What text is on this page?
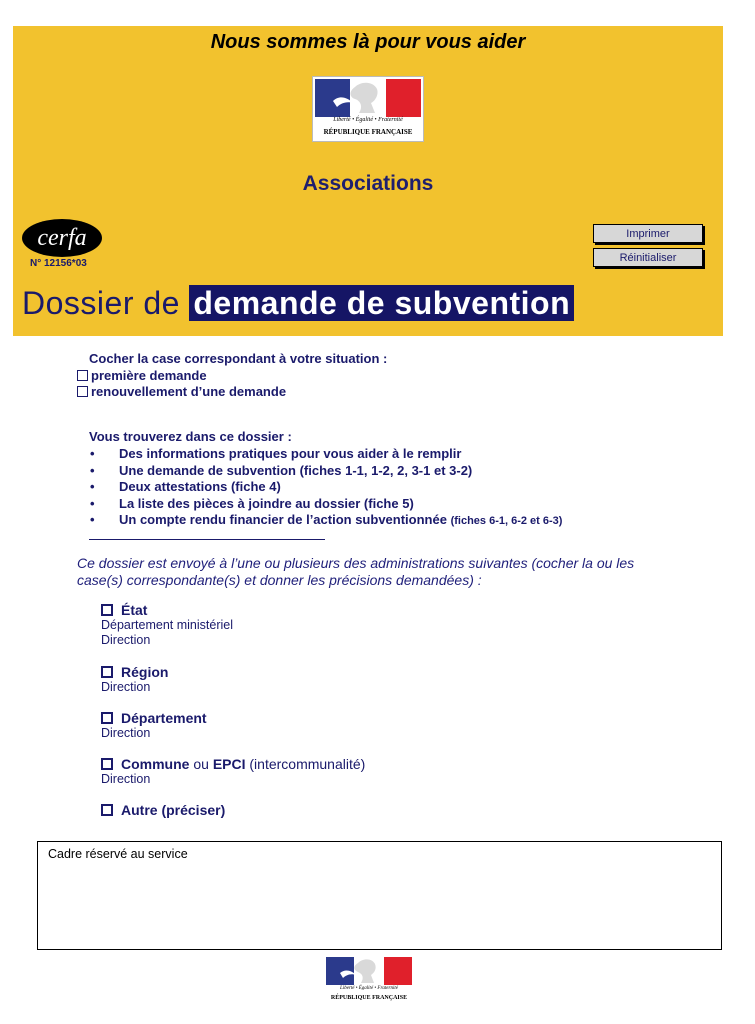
Nous sommes là pour vous aider
Liberté • Égalité • Fraternité
RÉPUBLIQUE FRANÇAISE
Associations
cerfa
N° 12156*03
Imprimer
Réinitialiser
Dossier de demande de subvention
Cocher la case correspondant à votre situation :
première demande
renouvellement d’une demande
Vous trouverez dans ce dossier :
• Des informations pratiques pour vous aider à le remplir
• Une demande de subvention (fiches 1-1, 1-2, 2, 3-1 et 3-2)
• Deux attestations (fiche 4)
• La liste des pièces à joindre au dossier (fiche 5)
• Un compte rendu financier de l’action subventionnée (fiches 6-1, 6-2 et 6-3)
Ce dossier est envoyé à l’une ou plusieurs des administrations suivantes (cocher la ou les case(s) correspondante(s) et donner les précisions demandées) :
État
Département ministériel
Direction
Région
Direction
Département
Direction
Commune ou EPCI (intercommunalité)
Direction
Autre (préciser)
Cadre réservé au service
Liberté • Égalité • Fraternité
RÉPUBLIQUE FRANÇAISE
